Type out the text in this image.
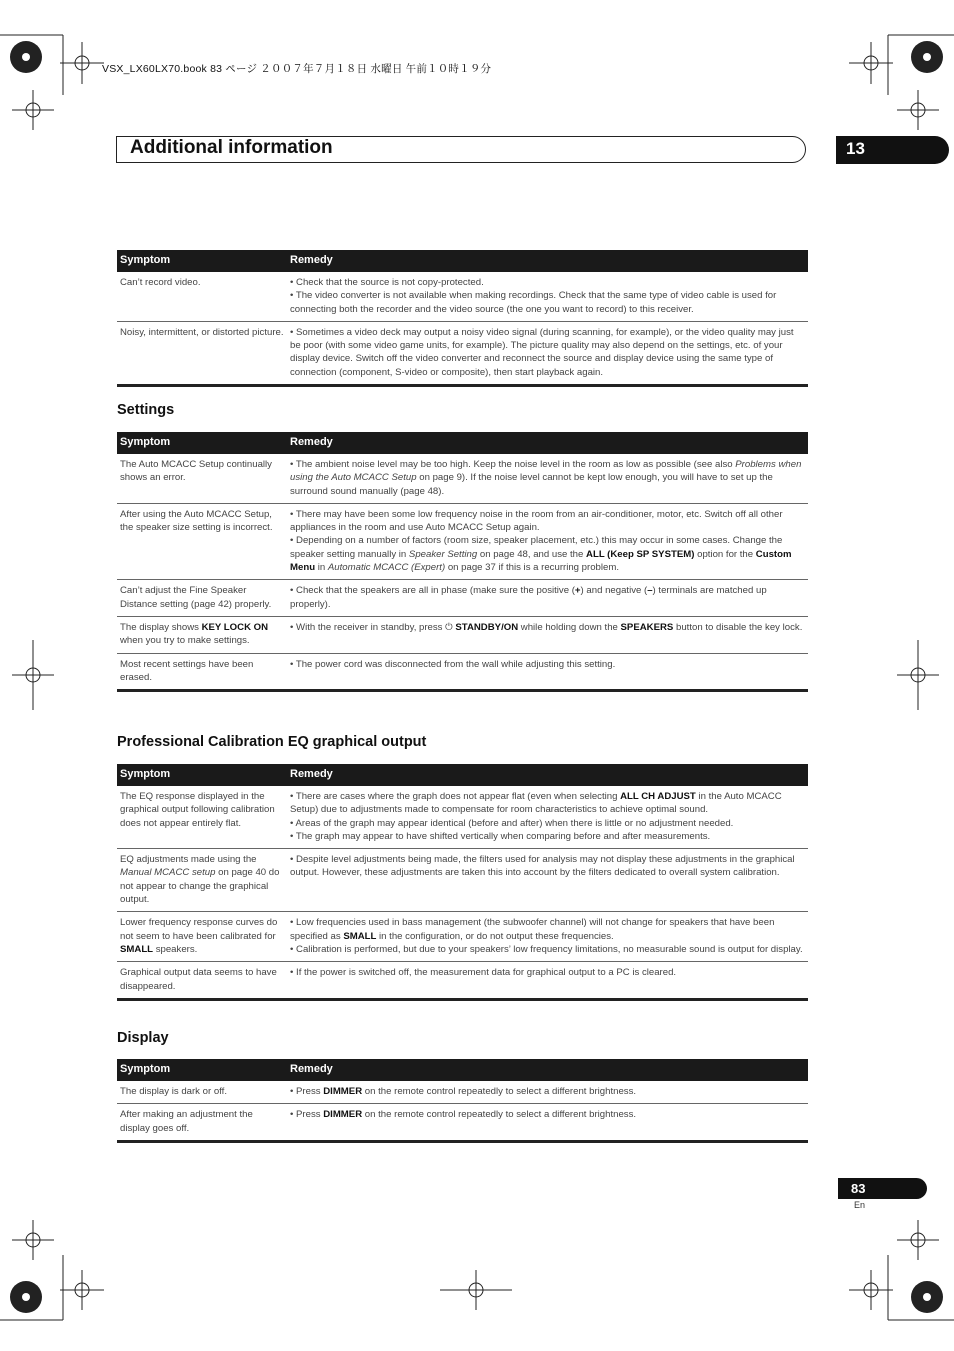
VSX_LX60LX70.book 83 ページ ２００７年７月１８日 水曜日 午前１０時１９分
Additional information	13
Symptom	Remedy
Can’t record video.	• Check that the source is not copy-protected.
• The video converter is not available when making recordings. Check that the same type of video cable is used for connecting both the recorder and the video source (the one you want to record) to this receiver.

Noisy, intermittent, or distorted picture.	• Sometimes a video deck may output a noisy video signal (during scanning, for example), or the video quality may just be poor (with some video game units, for example). The picture quality may also depend on the settings, etc. of your display device. Switch off the video converter and reconnect the source and display device using the same type of connection (component, S-video or composite), then start playback again.
Settings
Symptom	Remedy
The Auto MCACC Setup continually shows an error.	• The ambient noise level may be too high. Keep the noise level in the room as low as possible (see also Problems when using the Auto MCACC Setup on page 9). If the noise level cannot be kept low enough, you will have to set up the surround sound manually (page 48).

After using the Auto MCACC Setup, the speaker size setting is incorrect.	• There may have been some low frequency noise in the room from an air-conditioner, motor, etc. Switch off all other appliances in the room and use Auto MCACC Setup again.
• Depending on a number of factors (room size, speaker placement, etc.) this may occur in some cases. Change the speaker setting manually in Speaker Setting on page 48, and use the ALL (Keep SP SYSTEM) option for the Custom Menu in Automatic MCACC (Expert) on page 37 if this is a recurring problem.

Can’t adjust the Fine Speaker Distance setting (page 42) properly.	• Check that the speakers are all in phase (make sure the positive (+) and negative (–) terminals are matched up properly).

The display shows KEY LOCK ON when you try to make settings.	• With the receiver in standby, press ⏻ STANDBY/ON while holding down the SPEAKERS button to disable the key lock.

Most recent settings have been erased.	• The power cord was disconnected from the wall while adjusting this setting.
Professional Calibration EQ graphical output
Symptom	Remedy
The EQ response displayed in the graphical output following calibration does not appear entirely flat.	• There are cases where the graph does not appear flat (even when selecting ALL CH ADJUST in the Auto MCACC Setup) due to adjustments made to compensate for room characteristics to achieve optimal sound.
• Areas of the graph may appear identical (before and after) when there is little or no adjustment needed.
• The graph may appear to have shifted vertically when comparing before and after measurements.

EQ adjustments made using the Manual MCACC setup on page 40 do not appear to change the graphical output.	• Despite level adjustments being made, the filters used for analysis may not display these adjustments in the graphical output. However, these adjustments are taken this into account by the filters dedicated to overall system calibration.

Lower frequency response curves do not seem to have been calibrated for SMALL speakers.	• Low frequencies used in bass management (the subwoofer channel) will not change for speakers that have been specified as SMALL in the configuration, or do not output these frequencies.
• Calibration is performed, but due to your speakers’ low frequency limitations, no measurable sound is output for display.

Graphical output data seems to have disappeared.	• If the power is switched off, the measurement data for graphical output to a PC is cleared.
Display
Symptom	Remedy
The display is dark or off.	• Press DIMMER on the remote control repeatedly to select a different brightness.

After making an adjustment the display goes off.	• Press DIMMER on the remote control repeatedly to select a different brightness.
83
En
